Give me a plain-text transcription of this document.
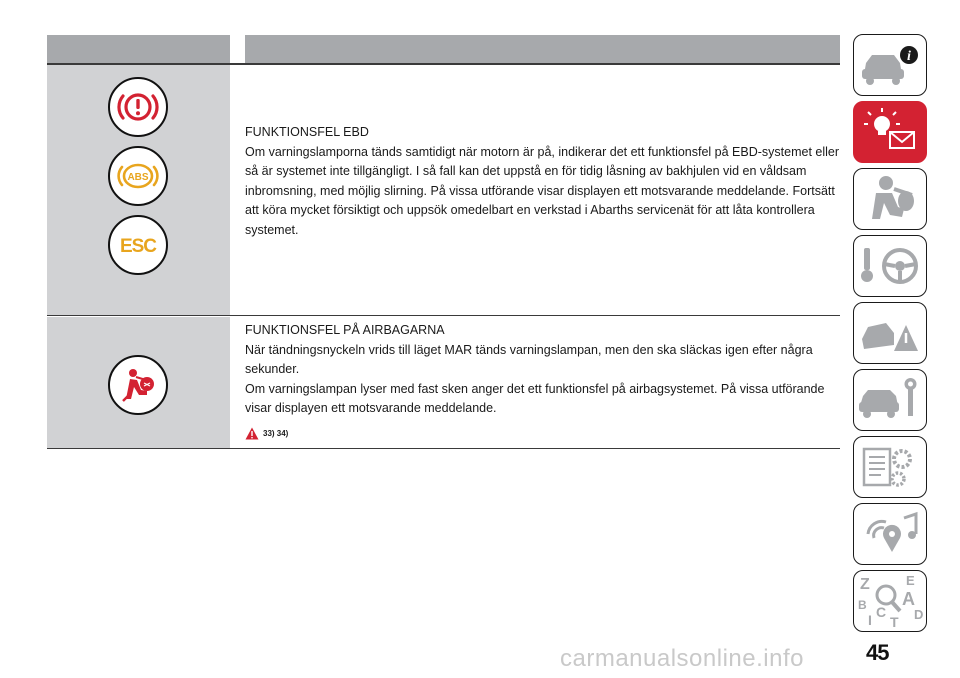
ABS
ESC

FUNKTIONSFEL EBD

Om varningslamporna tänds samtidigt när motorn är på, indikerar det ett funktionsfel på EBD-systemet eller så är systemet inte tillgängligt. I så fall kan det uppstå en för tidig låsning av bakhjulen vid en våldsam inbromsning, med möjlig slirning. På vissa utförande visar displayen ett motsvarande meddelande. Fortsätt att köra mycket försiktigt och uppsök omedelbart en verkstad i Abarths servicenät för att låta kontrollera systemet.

FUNKTIONSFEL PÅ AIRBAGARNA

När tändningsnyckeln vrids till läget MAR tänds varningslampan, men den ska släckas igen efter några sekunder.

Om varningslampan lyser med fast sken anger det ett funktionsfel på airbagsystemet. På vissa utförande visar displayen ett motsvarande meddelande.

33) 34)

i
Z	E
A
B C
I T D
45
carmanualsonline.info
